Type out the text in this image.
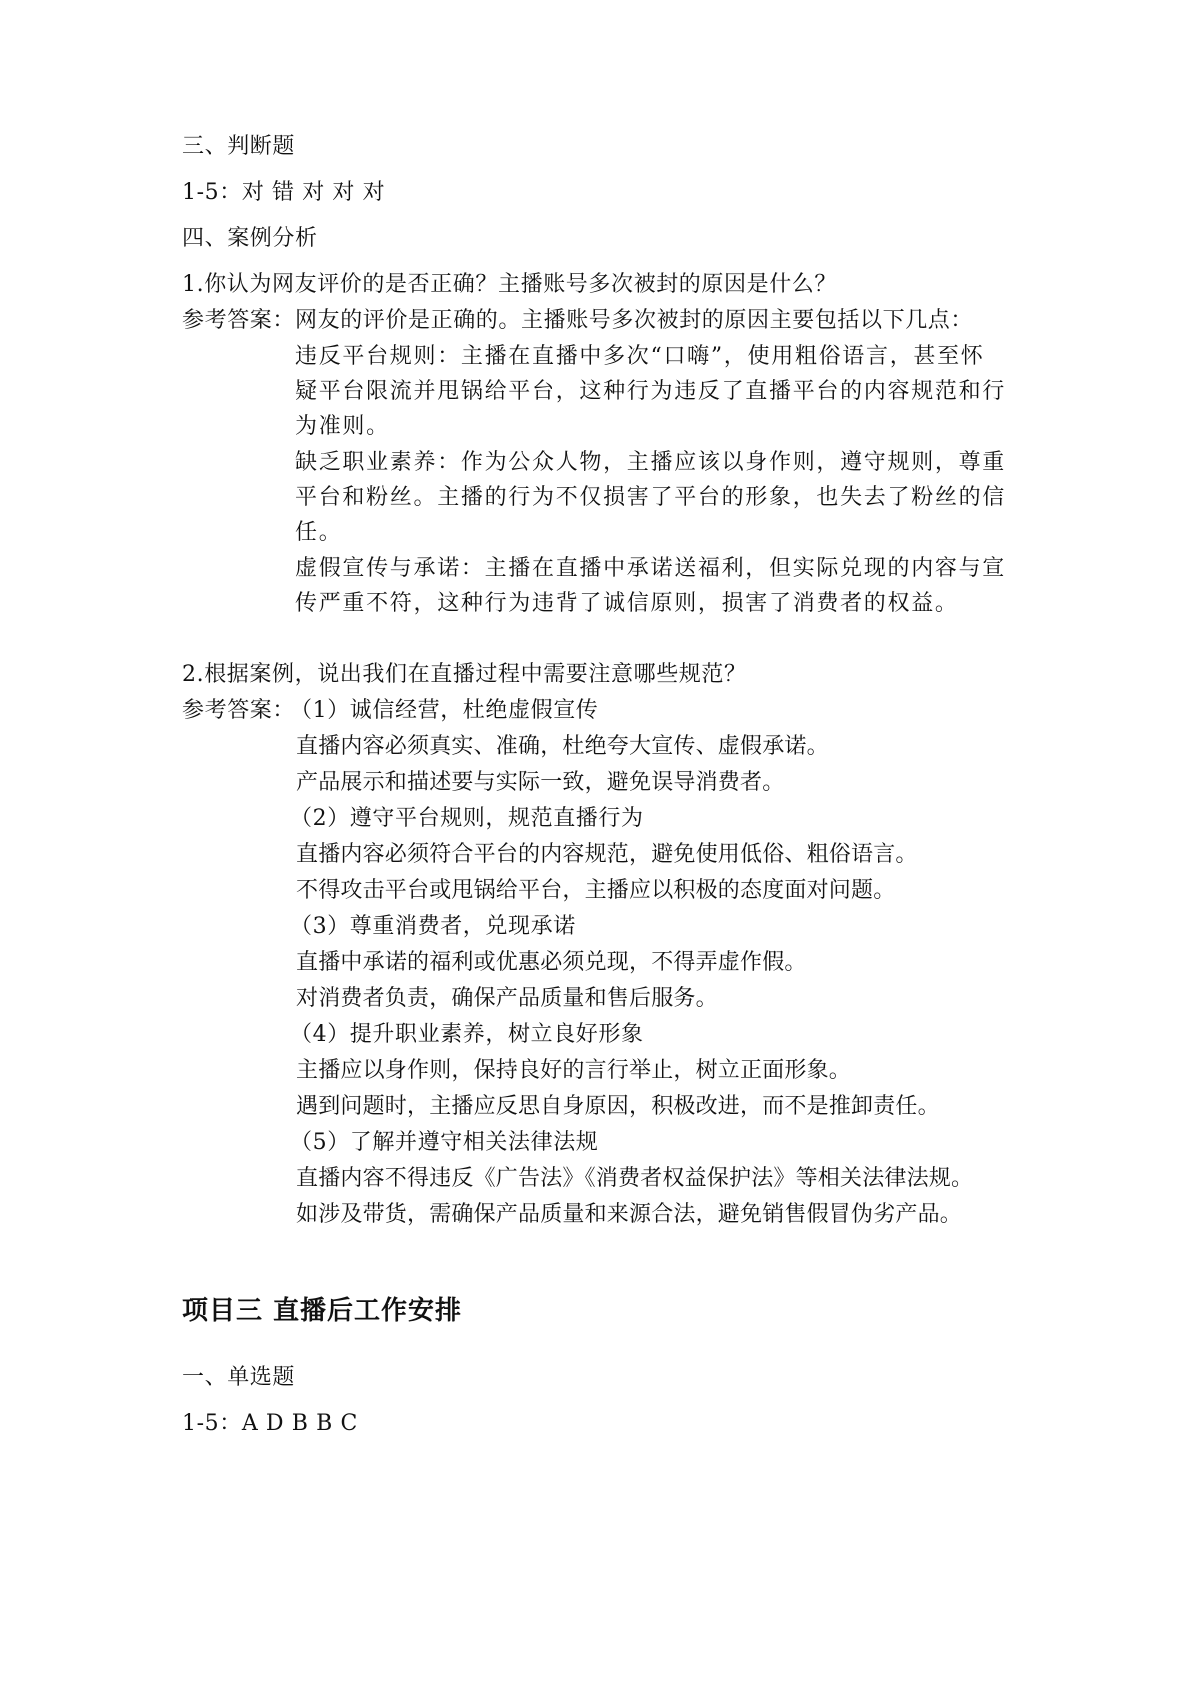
三、判断题

1-5：对 错 对 对 对

四、案例分析

1.你认为网友评价的是否正确？主播账号多次被封的原因是什么？

参考答案：网友的评价是正确的。主播账号多次被封的原因主要包括以下几点：

违反平台规则：主播在直播中多次“口嗨”，使用粗俗语言，甚至怀

疑平台限流并甩锅给平台，这种行为违反了直播平台的内容规范和行

为准则。

缺乏职业素养：作为公众人物，主播应该以身作则，遵守规则，尊重

平台和粉丝。主播的行为不仅损害了平台的形象，也失去了粉丝的信

任。

虚假宣传与承诺：主播在直播中承诺送福利，但实际兑现的内容与宣

传严重不符，这种行为违背了诚信原则，损害了消费者的权益。

2.根据案例，说出我们在直播过程中需要注意哪些规范？

参考答案：

（1）诚信经营，杜绝虚假宣传

直播内容必须真实、准确，杜绝夸大宣传、虚假承诺。

产品展示和描述要与实际一致，避免误导消费者。

（2）遵守平台规则，规范直播行为

直播内容必须符合平台的内容规范，避免使用低俗、粗俗语言。

不得攻击平台或甩锅给平台，主播应以积极的态度面对问题。

（3）尊重消费者，兑现承诺

直播中承诺的福利或优惠必须兑现，不得弄虚作假。

对消费者负责，确保产品质量和售后服务。

（4）提升职业素养，树立良好形象

主播应以身作则，保持良好的言行举止，树立正面形象。

遇到问题时，主播应反思自身原因，积极改进，而不是推卸责任。

（5）了解并遵守相关法律法规

直播内容不得违反《广告法》《消费者权益保护法》等相关法律法规。

如涉及带货，需确保产品质量和来源合法，避免销售假冒伪劣产品。

项目三 直播后工作安排

一、单选题

1-5：A D B B C
